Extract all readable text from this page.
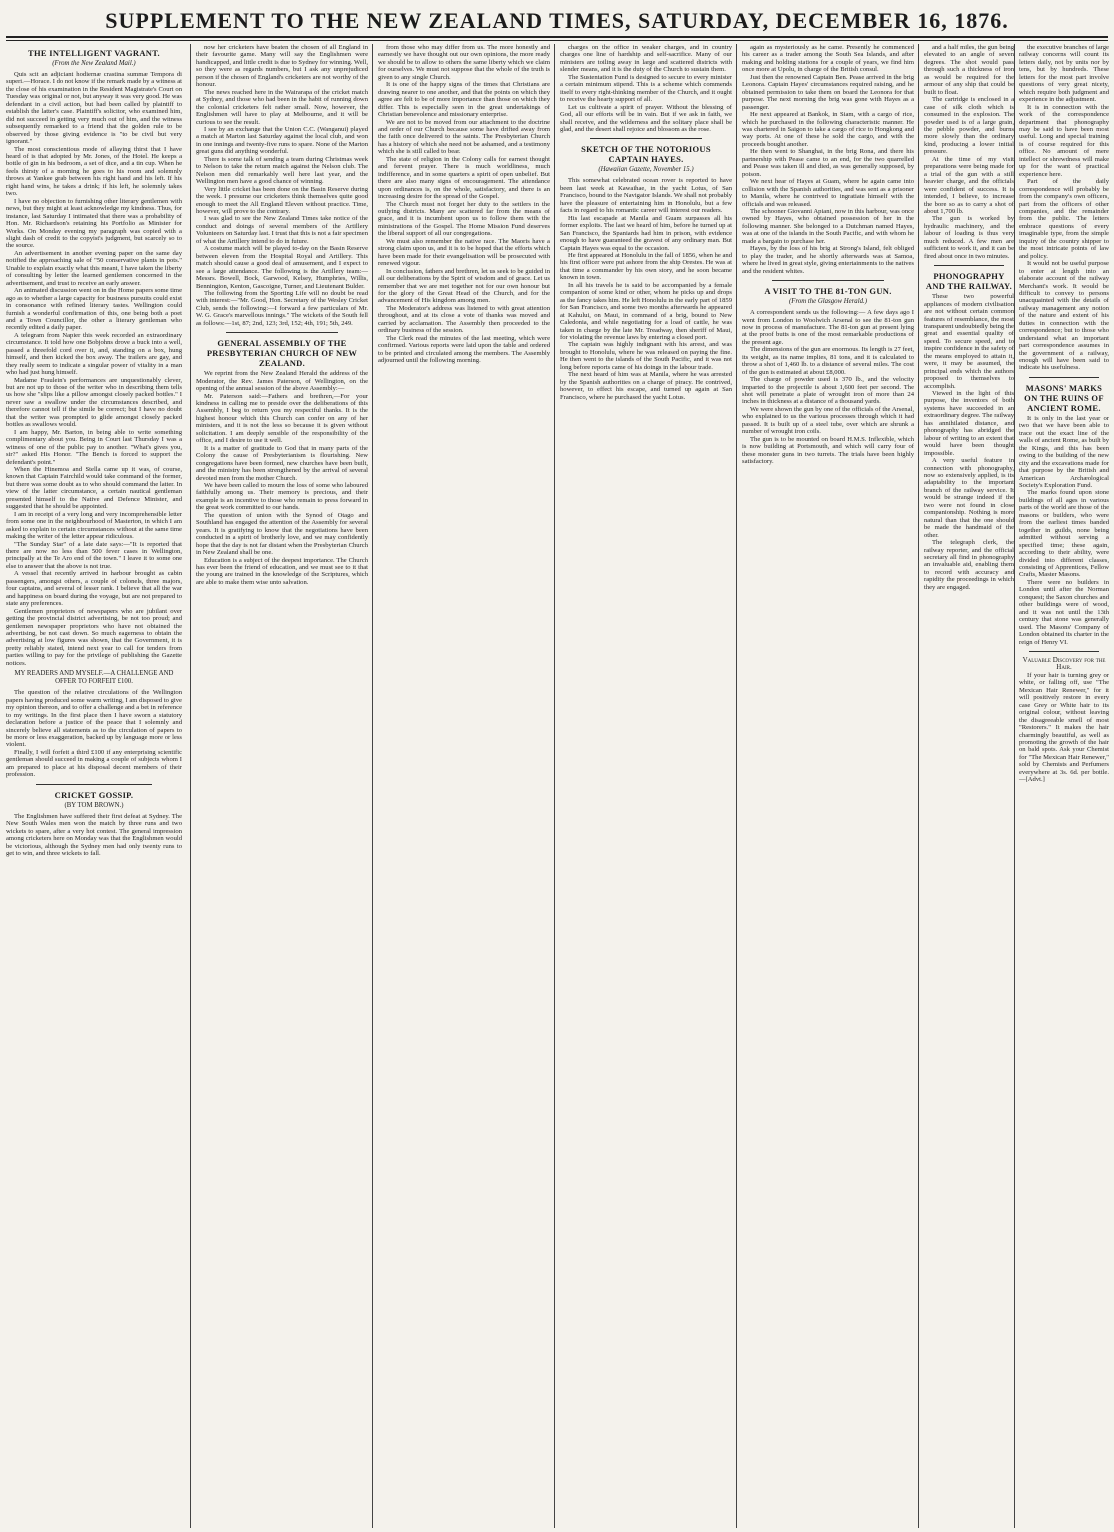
SUPPLEMENT TO THE NEW ZEALAND TIMES, SATURDAY, DECEMBER 16, 1876.
THE INTELLIGENT VAGRANT.
(From the New Zealand Mail.)

Quis scit an adjiciant hodiernæ crastina summæ Tempora di superi.—Horace. I do not know if the remark made by a witness at the close of his examination in the Resident Magistrate's Court on Tuesday was original or not, but anyway it was very good. He was defendant in a civil action, but had been called by plaintiff to establish the latter's case. Plaintiff's solicitor, who examined him, did not succeed in getting very much out of him, and the witness subsequently remarked to a friend that the golden rule to be observed by those giving evidence is "to be civil but very ignorant."

The most conscientious mode of allaying thirst that I have heard of is that adopted by Mr. Jones, of the Hotel. He keeps a bottle of gin in his bedroom, a set of dice, and a tin cup. When he feels thirsty of a morning he goes to his room and solemnly throws at Yankee grab between his right hand and his left. If his right hand wins, he takes a drink; if his left, he solemnly takes two.

I have no objection to furnishing other literary gentlemen with news, but they might at least acknowledge my kindness. Thus, for instance, last Saturday I intimated that there was a probability of Hon. Mr. Richardson's retaining his Portfolio as Minister for Works. On Monday evening my paragraph was copied with a slight dash of credit to the copyist's judgment, but scarcely so to the source.

An advertisement in another evening paper on the same day notified the approaching sale of "50 conservative plants in pots." Unable to explain exactly what this meant, I have taken the liberty of consulting by letter the learned gentlemen concerned in the advertisement, and trust to receive an early answer.

An animated discussion went on in the Home papers some time ago as to whether a large capacity for business pursuits could exist in consonance with refined literary tastes. Wellington could furnish a wonderful confirmation of this, one being both a poet and a Town Councillor, the other a literary gentleman who recently edited a daily paper.

A telegram from Napier this week recorded an extraordinary circumstance. It told how one Bobjohns drove a buck into a well, passed a threefold cord over it, and, standing on a box, hung himself, and then kicked the box away. The trailers are gay, and they really seem to indicate a singular power of vitality in a man who had just hung himself.

Madame Fraulein's performances are unquestionably clever, but are not up to those of the writer who in describing them tells us how she "slips like a pillow amongst closely packed bottles." I never saw a swallow under the circumstances described, and therefore cannot tell if the simile be correct; but I have no doubt that the writer was prompted to glide amongst closely packed bottles as swallows would.

I am happy, Mr. Barton, in being able to write something complimentary about you. Being in Court last Thursday I was a witness of one of the public pay to another. "What's gives you, sir?" asked His Honor. "The Bench is forced to support the defendant's point."

When the Hinemoa and Stella came up it was, of course, known that Captain Fairchild would take command of the former, but there was some doubt as to who should command the latter. In view of the latter circumstance, a certain nautical gentleman presented himself to the Native and Defence Minister, and suggested that he should be appointed.

I am in receipt of a very long and very incomprehensible letter from some one in the neighbourhood of Masterton, in which I am asked to explain to certain circumstances without at the same time making the writer of the letter appear ridiculous.

"The Sunday Star" of a late date says:—"It is reported that there are now no less than 500 fever cases in Wellington, principally at the Te Aro end of the town." I leave it to some one else to answer that the above is not true.

A vessel that recently arrived in harbour brought as cabin passengers, amongst others, a couple of colonels, three majors, four captains, and several of lesser rank. I believe that all the war and happiness on board during the voyage, but are not prepared to state any preferences.

Gentlemen proprietors of newspapers who are jubilant over getting the provincial district advertising, be not too proud; and gentlemen newspaper proprietors who have not obtained the advertising, be not cast down. So much eagerness to obtain the advertising at low figures was shown, that the Government, it is pretty reliably stated, intend next year to call for tenders from parties willing to pay for the privilege of publishing the Gazette notices.

MY READERS AND MYSELF.—A CHALLENGE AND OFFER TO FORFEIT £100.

The question of the relative circulations of the Wellington papers having produced some warm writing, I am disposed to give my opinion thereon, and to offer a challenge and a bet in reference to my writings. In the first place then I have sworn a statutory declaration before a justice of the peace that I solemnly and sincerely believe all statements as to the circulation of papers to be more or less exaggeration, backed up by language more or less violent.

Finally, I will forfeit a third £100 if any enterprising scientific gentleman should succeed in making a couple of subjects whom I am prepared to place at his disposal decent members of their profession.

CRICKET GOSSIP.
(BY TOM BROWN.)

The Englishmen have suffered their first defeat at Sydney. The New South Wales men won the match by three runs and two wickets to spare, after a very hot contest. The general impression among cricketers here on Monday was that the Englishmen would be victorious, although the Sydney men had only twenty runs to get to win, and three wickets to fall.

now her cricketers have beaten the chosen of all England in their favourite game. Many will say the Englishmen were handicapped, and little credit is due to Sydney for winning. Well, so they were as regards numbers, but I ask any unprejudiced person if the chosen of England's cricketers are not worthy of the honour.

The news reached here in the Wairarapa of the cricket match at Sydney, and those who had been in the habit of running down the colonial cricketers felt rather small. Now, however, the Englishmen will have to play at Melbourne, and it will be curious to see the result.

I see by an exchange that the Union C.C. (Wanganui) played a match at Marton last Saturday against the local club, and won in one innings and twenty-five runs to spare. None of the Marton great guns did anything wonderful.

There is some talk of sending a team during Christmas week to Nelson to take the return match against the Nelson club. The Nelson men did remarkably well here last year, and the Wellington men have a good chance of winning.

Very little cricket has been done on the Basin Reserve during the week. I presume our cricketers think themselves quite good enough to meet the All England Eleven without practice. Time, however, will prove to the contrary.

I was glad to see the New Zealand Times take notice of the conduct and doings of several members of the Artillery Volunteers on Saturday last. I trust that this is not a fair specimen of what the Artillery intend to do in future.

A costume match will be played to-day on the Basin Reserve between eleven from the Hospital Royal and Artillery. This match should cause a good deal of amusement, and I expect to see a large attendance. The following is the Artillery team:—Messrs. Bowell, Bock, Garwood, Kelsey, Humphries, Willis, Bennington, Kenton, Gascoigne, Turner, and Lieutenant Bulder.

The following from the Sporting Life will no doubt be read with interest:—"Mr. Good, Hon. Secretary of the Wesley Cricket Club, sends the following:—I forward a few particulars of Mr. W. G. Grace's marvellous innings." The wickets of the South fell as follows:—1st, 87; 2nd, 123; 3rd, 152; 4th, 191; 5th, 249.

GENERAL ASSEMBLY OF THE PRESBYTERIAN CHURCH OF NEW ZEALAND.

We reprint from the New Zealand Herald the address of the Moderator, the Rev. James Paterson, of Wellington, on the opening of the annual session of the above Assembly:—

Mr. Paterson said:—Fathers and brethren,—For your kindness in calling me to preside over the deliberations of this Assembly, I beg to return you my respectful thanks. It is the highest honour which this Church can confer on any of her ministers, and it is not the less so because it is given without solicitation. I am deeply sensible of the responsibility of the office, and I desire to use it well.

It is a matter of gratitude to God that in many parts of the Colony the cause of Presbyterianism is flourishing. New congregations have been formed, new churches have been built, and the ministry has been strengthened by the arrival of several devoted men from the mother Church.

We have been called to mourn the loss of some who laboured faithfully among us. Their memory is precious, and their example is an incentive to those who remain to press forward in the great work committed to our hands.

The question of union with the Synod of Otago and Southland has engaged the attention of the Assembly for several years. It is gratifying to know that the negotiations have been conducted in a spirit of brotherly love, and we may confidently hope that the day is not far distant when the Presbyterian Church in New Zealand shall be one.

Education is a subject of the deepest importance. The Church has ever been the friend of education, and we must see to it that the young are trained in the knowledge of the Scriptures, which are able to make them wise unto salvation.

from those who may differ from us. The more honestly and earnestly we have thought out our own opinions, the more ready we should be to allow to others the same liberty which we claim for ourselves. We must not suppose that the whole of the truth is given to any single Church.

It is one of the happy signs of the times that Christians are drawing nearer to one another, and that the points on which they agree are felt to be of more importance than those on which they differ. This is especially seen in the great undertakings of Christian benevolence and missionary enterprise.

We are not to be moved from our attachment to the doctrine and order of our Church because some have drifted away from the faith once delivered to the saints. The Presbyterian Church has a history of which she need not be ashamed, and a testimony which she is still called to bear.

The state of religion in the Colony calls for earnest thought and fervent prayer. There is much worldliness, much indifference, and in some quarters a spirit of open unbelief. But there are also many signs of encouragement. The attendance upon ordinances is, on the whole, satisfactory, and there is an increasing desire for the spread of the Gospel.

The Church must not forget her duty to the settlers in the outlying districts. Many are scattered far from the means of grace, and it is incumbent upon us to follow them with the ministrations of the Gospel. The Home Mission Fund deserves the liberal support of all our congregations.

We must also remember the native race. The Maoris have a strong claim upon us, and it is to be hoped that the efforts which have been made for their evangelisation will be prosecuted with renewed vigour.

In conclusion, fathers and brethren, let us seek to be guided in all our deliberations by the Spirit of wisdom and of grace. Let us remember that we are met together not for our own honour but for the glory of the Great Head of the Church, and for the advancement of His kingdom among men.

The Moderator's address was listened to with great attention throughout, and at its close a vote of thanks was moved and carried by acclamation. The Assembly then proceeded to the ordinary business of the session.

The Clerk read the minutes of the last meeting, which were confirmed. Various reports were laid upon the table and ordered to be printed and circulated among the members. The Assembly adjourned until the following morning.

charges on the office in weaker charges, and in country charges one line of hardship and self-sacrifice. Many of our ministers are toiling away in large and scattered districts with slender means, and it is the duty of the Church to sustain them.

The Sustentation Fund is designed to secure to every minister a certain minimum stipend. This is a scheme which commends itself to every right-thinking member of the Church, and it ought to receive the hearty support of all.

Let us cultivate a spirit of prayer. Without the blessing of God, all our efforts will be in vain. But if we ask in faith, we shall receive, and the wilderness and the solitary place shall be glad, and the desert shall rejoice and blossom as the rose.

SKETCH OF THE NOTORIOUS CAPTAIN HAYES.
(Hawaiian Gazette, November 15.)

This somewhat celebrated ocean rover is reported to have been last week at Kawaihae, in the yacht Lotus, of San Francisco, bound to the Navigator Islands. We shall not probably have the pleasure of entertaining him in Honolulu, but a few facts in regard to his romantic career will interest our readers.

His last escapade at Manila and Guam surpasses all his former exploits. The last we heard of him, before he turned up at San Francisco, the Spaniards had him in prison, with evidence enough to have guaranteed the gravest of any ordinary man. But Captain Hayes was equal to the occasion.

He first appeared at Honolulu in the fall of 1856, when he and his first officer were put ashore from the ship Orestes. He was at that time a commander by his own story, and he soon became known in town.

In all his travels he is said to be accompanied by a female companion of some kind or other, whom he picks up and drops as the fancy takes him. He left Honolulu in the early part of 1859 for San Francisco, and some two months afterwards he appeared at Kahului, on Maui, in command of a brig, bound to New Caledonia, and while negotiating for a load of cattle, he was taken in charge by the late Mr. Treadway, then sheriff of Maui, for violating the revenue laws by entering a closed port.

The captain was highly indignant with his arrest, and was brought to Honolulu, where he was released on paying the fine. He then went to the islands of the South Pacific, and it was not long before reports came of his doings in the labour trade.

The next heard of him was at Manila, where he was arrested by the Spanish authorities on a charge of piracy. He contrived, however, to effect his escape, and turned up again at San Francisco, where he purchased the yacht Lotus.

again as mysteriously as he came. Presently he commenced his career as a trader among the South Sea Islands, and after making and holding stations for a couple of years, we find him once more at Upolu, in charge of the British consul.

Just then the renowned Captain Ben. Pease arrived in the brig Leonora. Captain Hayes' circumstances required raising, and he obtained permission to take them on board the Leonora for that purpose. The next morning the brig was gone with Hayes as a passenger.

He next appeared at Bankok, in Siam, with a cargo of rice, which he purchased in the following characteristic manner. He was chartered in Saigon to take a cargo of rice to Hongkong and way ports. At one of these he sold the cargo, and with the proceeds bought another.

He then went to Shanghai, in the brig Rona, and there his partnership with Pease came to an end, for the two quarrelled and Pease was taken ill and died, as was generally supposed, by poison.

We next hear of Hayes at Guam, where he again came into collision with the Spanish authorities, and was sent as a prisoner to Manila, where he contrived to ingratiate himself with the officials and was released.

The schooner Giovanni Apiani, now in this harbour, was once owned by Hayes, who obtained possession of her in the following manner. She belonged to a Dutchman named Hayes, was at one of the islands in the South Pacific, and with whom he made a bargain to purchase her.

Hayes, by the loss of his brig at Strong's Island, felt obliged to play the trader, and he shortly afterwards was at Samoa, where he lived in great style, giving entertainments to the natives and the resident whites.

A VISIT TO THE 81-TON GUN.
(From the Glasgow Herald.)

A correspondent sends us the following:— A few days ago I went from London to Woolwich Arsenal to see the 81-ton gun now in process of manufacture. The 81-ton gun at present lying at the proof butts is one of the most remarkable productions of the present age.

The dimensions of the gun are enormous. Its length is 27 feet, its weight, as its name implies, 81 tons, and it is calculated to throw a shot of 1,460 lb. to a distance of several miles. The cost of the gun is estimated at about £8,000.

The charge of powder used is 370 lb., and the velocity imparted to the projectile is about 1,600 feet per second. The shot will penetrate a plate of wrought iron of more than 24 inches in thickness at a distance of a thousand yards.

We were shown the gun by one of the officials of the Arsenal, who explained to us the various processes through which it had passed. It is built up of a steel tube, over which are shrunk a number of wrought iron coils.

The gun is to be mounted on board H.M.S. Inflexible, which is now building at Portsmouth, and which will carry four of these monster guns in two turrets. The trials have been highly satisfactory.

and a half miles, the gun being elevated to an angle of seven degrees. The shot would pass through such a thickness of iron as would be required for the armour of any ship that could be built to float.

The cartridge is enclosed in a case of silk cloth which is consumed in the explosion. The powder used is of a large grain, the pebble powder, and burns more slowly than the ordinary kind, producing a lower initial pressure.

At the time of my visit preparations were being made for a trial of the gun with a still heavier charge, and the officials were confident of success. It is intended, I believe, to increase the bore so as to carry a shot of about 1,700 lb.

The gun is worked by hydraulic machinery, and the labour of loading is thus very much reduced. A few men are sufficient to work it, and it can be fired about once in two minutes.

PHONOGRAPHY AND THE RAILWAY.

These two powerful appliances of modern civilisation are not without certain common features of resemblance, the most transparent undoubtedly being the great and essential quality of speed. To secure speed, and to inspire confidence in the safety of the means employed to attain it, were, it may be assumed, the principal ends which the authors proposed to themselves to accomplish.

Viewed in the light of this purpose, the inventors of both systems have succeeded in an extraordinary degree. The railway has annihilated distance, and phonography has abridged the labour of writing to an extent that would have been thought impossible.

A very useful feature in connection with phonography, now so extensively applied, is its adaptability to the important branch of the railway service. It would be strange indeed if the two were not found in close companionship. Nothing is more natural than that the one should be made the handmaid of the other.

The telegraph clerk, the railway reporter, and the official secretary all find in phonography an invaluable aid, enabling them to record with accuracy and rapidity the proceedings in which they are engaged.

the executive branches of large railway concerns will count its letters daily, not by units nor by tens, but by hundreds. These letters for the most part involve questions of very great nicety, which require both judgment and experience in the adjustment.

It is in connection with the work of the correspondence department that phonography may be said to have been most useful. Long and special training is of course required for this office. No amount of mere intellect or shrewdness will make up for the want of practical experience here.

Part of the daily correspondence will probably be from the company's own officers, part from the officers of other companies, and the remainder from the public. The letters embrace questions of every imaginable type, from the simple inquiry of the country shipper to the most intricate points of law and policy.

It would not be useful purpose to enter at length into an elaborate account of the railway Merchant's work. It would be difficult to convey to persons unacquainted with the details of railway management any notion of the nature and extent of his duties in connection with the correspondence; but to those who understand what an important part correspondence assumes in the government of a railway, enough will have been said to indicate his usefulness.

MASONS' MARKS ON THE RUINS OF ANCIENT ROME.

It is only in the last year or two that we have been able to trace out the exact line of the walls of ancient Rome, as built by the Kings, and this has been owing to the building of the new city and the excavations made for that purpose by the British and American Archæological Society's Exploration Fund.

The marks found upon stone buildings of all ages in various parts of the world are those of the masons or builders, who were from the earliest times banded together in guilds, none being admitted without serving a specified time; these again, according to their ability, were divided into different classes, consisting of Apprentices, Fellow Crafts, Master Masons.

There were no builders in London until after the Norman conquest; the Saxon churches and other buildings were of wood, and it was not until the 13th century that stone was generally used. The Masons' Company of London obtained its charter in the reign of Henry VI.

Valuable Discovery for the Hair.

If your hair is turning grey or white, or falling off, use "The Mexican Hair Renewer," for it will positively restore in every case Grey or White hair to its original colour, without leaving the disagreeable smell of most "Restorers." It makes the hair charmingly beautiful, as well as promoting the growth of the hair on bald spots. Ask your Chemist for "The Mexican Hair Renewer," sold by Chemists and Perfumers everywhere at 3s. 6d. per bottle.—[Advt.]
